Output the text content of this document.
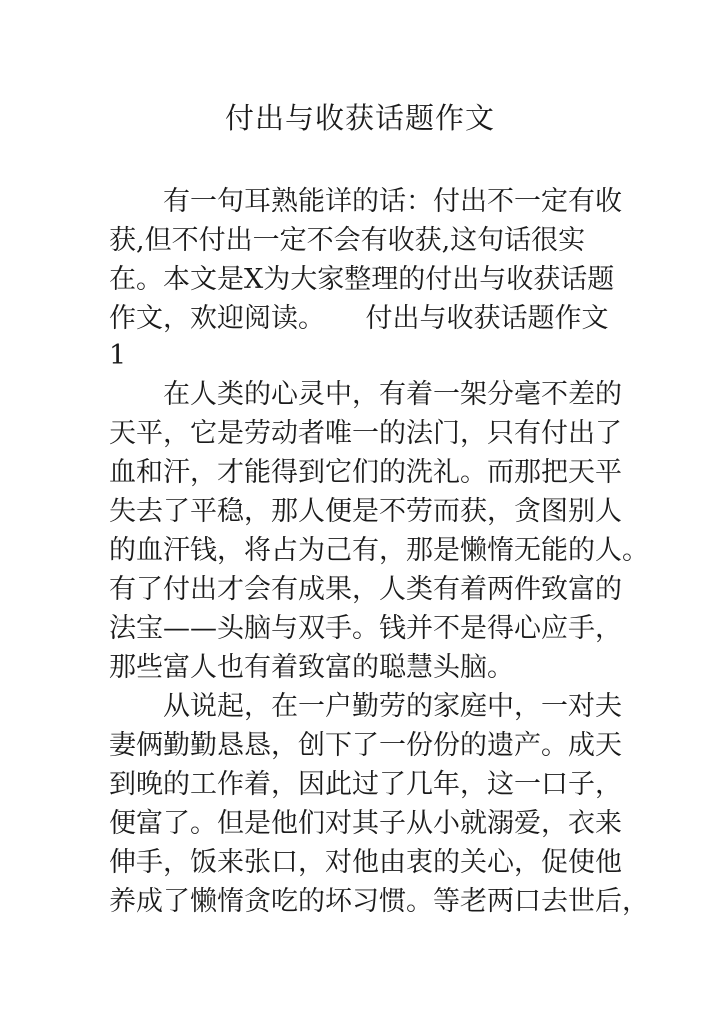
付出与收获话题作文
　　有一句耳熟能详的话：付出不一定有收
获,但不付出一定不会有收获,这句话很实
在。本文是X为大家整理的付出与收获话题
作文，欢迎阅读。　　付出与收获话题作文
1
　　在人类的心灵中，有着一架分毫不差的
天平，它是劳动者唯一的法门，只有付出了
血和汗，才能得到它们的洗礼。而那把天平
失去了平稳，那人便是不劳而获，贪图别人
的血汗钱，将占为己有，那是懒惰无能的人。
有了付出才会有成果，人类有着两件致富的
法宝——头脑与双手。钱并不是得心应手，
那些富人也有着致富的聪慧头脑。
　　从说起，在一户勤劳的家庭中，一对夫
妻俩勤勤恳恳，创下了一份份的遗产。成天
到晚的工作着，因此过了几年，这一口子，
便富了。但是他们对其子从小就溺爱，衣来
伸手，饭来张口，对他由衷的关心，促使他
养成了懒惰贪吃的坏习惯。等老两口去世后，
